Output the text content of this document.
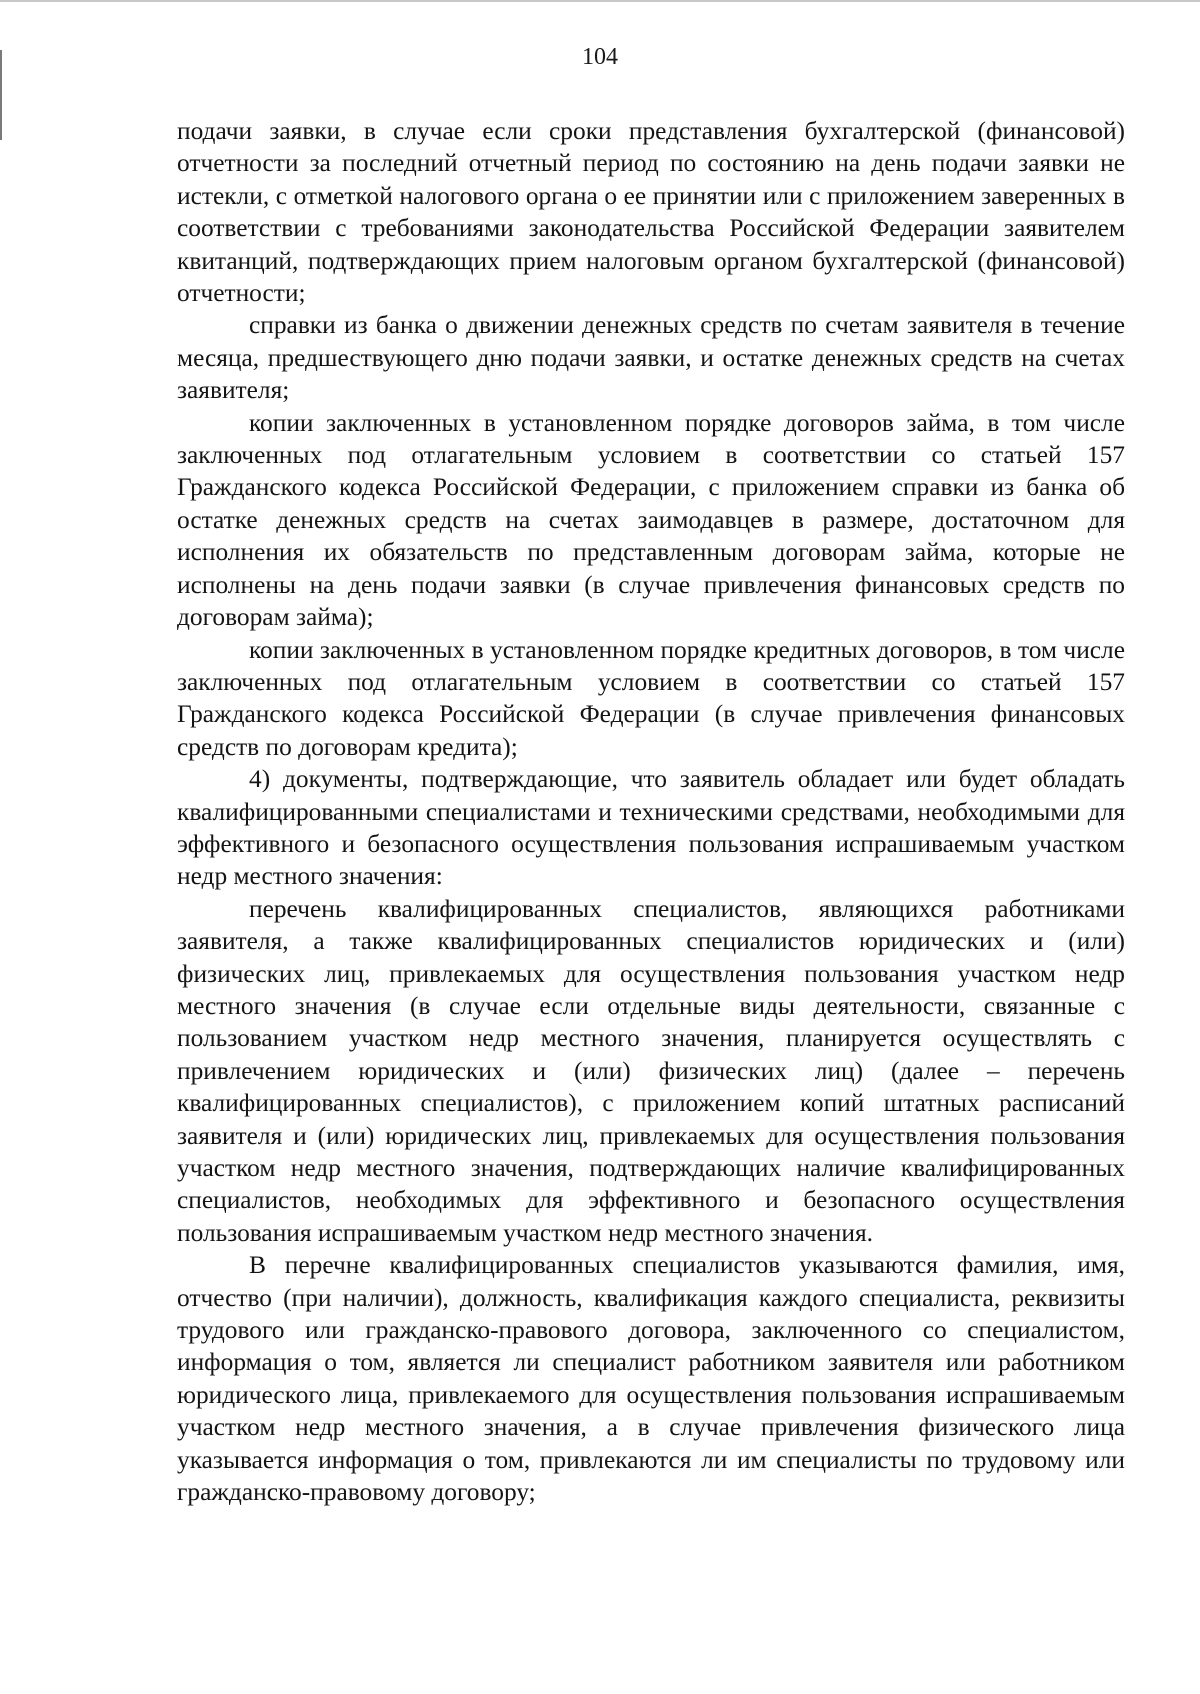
104

подачи заявки, в случае если сроки представления бухгалтерской (финансовой) отчетности за последний отчетный период по состоянию на день подачи заявки не истекли, с отметкой налогового органа о ее принятии или с приложением заверенных в соответствии с требованиями законодательства Российской Федерации заявителем квитанций, подтверждающих прием налоговым органом бухгалтерской (финансовой) отчетности;

справки из банка о движении денежных средств по счетам заявителя в течение месяца, предшествующего дню подачи заявки, и остатке денежных средств на счетах заявителя;

копии заключенных в установленном порядке договоров займа, в том числе заключенных под отлагательным условием в соответствии со статьей 157 Гражданского кодекса Российской Федерации, с приложением справки из банка об остатке денежных средств на счетах заимодавцев в размере, достаточном для исполнения их обязательств по представленным договорам займа, которые не исполнены на день подачи заявки (в случае привлечения финансовых средств по договорам займа);

копии заключенных в установленном порядке кредитных договоров, в том числе заключенных под отлагательным условием в соответствии со статьей 157 Гражданского кодекса Российской Федерации (в случае привлечения финансовых средств по договорам кредита);

4) документы, подтверждающие, что заявитель обладает или будет обладать квалифицированными специалистами и техническими средствами, необходимыми для эффективного и безопасного осуществления пользования испрашиваемым участком недр местного значения:

перечень квалифицированных специалистов, являющихся работниками заявителя, а также квалифицированных специалистов юридических и (или) физических лиц, привлекаемых для осуществления пользования участком недр местного значения (в случае если отдельные виды деятельности, связанные с пользованием участком недр местного значения, планируется осуществлять с привлечением юридических и (или) физических лиц) (далее – перечень квалифицированных специалистов), с приложением копий штатных расписаний заявителя и (или) юридических лиц, привлекаемых для осуществления пользования участком недр местного значения, подтверждающих наличие квалифицированных специалистов, необходимых для эффективного и безопасного осуществления пользования испрашиваемым участком недр местного значения.

В перечне квалифицированных специалистов указываются фамилия, имя, отчество (при наличии), должность, квалификация каждого специалиста, реквизиты трудового или гражданско-правового договора, заключенного со специалистом, информация о том, является ли специалист работником заявителя или работником юридического лица, привлекаемого для осуществления пользования испрашиваемым участком недр местного значения, а в случае привлечения физического лица указывается информация о том, привлекаются ли им специалисты по трудовому или гражданско-правовому договору;
